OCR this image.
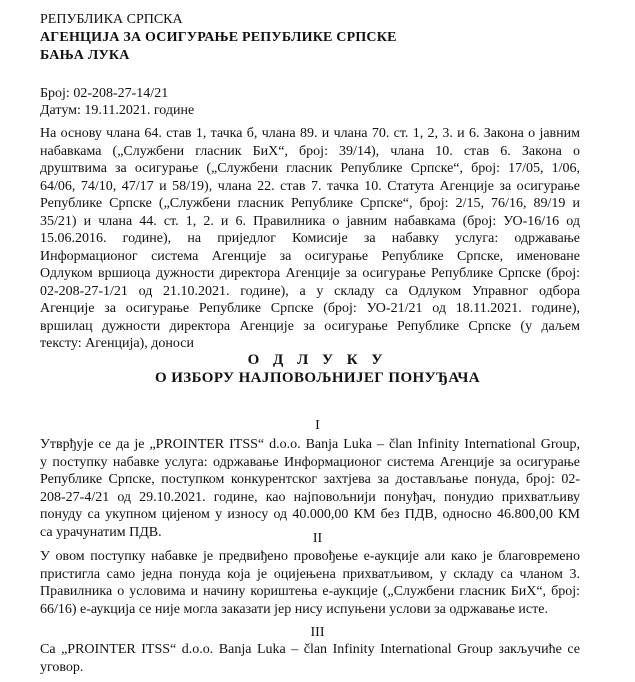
РЕПУБЛИКА СРПСКА
АГЕНЦИЈА ЗА ОСИГУРАЊЕ РЕПУБЛИКЕ СРПСКЕ
БАЊА ЛУКА
Број: 02-208-27-14/21
Датум: 19.11.2021. године
На основу члана 64. став 1, тачка б, члана 89. и члана 70. ст. 1, 2, 3. и 6. Закона о јавним
набавкама („Службени гласник БиХ“, број: 39/14), члана 10. став 6. Закона о
друштвима за осигурање („Службени гласник Републике Српске“, број: 17/05, 1/06,
64/06, 74/10, 47/17 и 58/19), члана 22. став 7. тачка 10. Статута Агенције за осигурање
Републике Српске („Службени гласник Републике Српске“, број: 2/15, 76/16, 89/19 и
35/21) и члана 44. ст. 1, 2. и 6. Правилника о јавним набавкама (број: УО-16/16 од
15.06.2016. године), на приједлог Комисије за набавку услуга: одржавање
Информационог система Агенције за осигурање Републике Српске, именоване
Одлуком вршиоца дужности директора Агенције за осигурање Републике Српске (број:
02-208-27-1/21 од 21.10.2021. године), а у складу са Одлуком Управног одбора
Агенције за осигурање Републике Српске (број: УО-21/21 од 18.11.2021. године),
вршилац дужности директора Агенције за осигурање Републике Српске (у даљем
тексту: Агенција), доноси
О Д Л У К У
О ИЗБОРУ НАЈПОВОЉНИЈЕГ ПОНУЂАЧА
I
Утврђује се да је „PROINTER ITSS“ d.o.o. Banja Luka – član Infinity International Group,
у поступку набавке услуга: одржавање Информационог система Агенције за осигурање
Републике Српске, поступком конкурентског захтјева за достављање понуда, број: 02-
208-27-4/21 од 29.10.2021. године, као најповољнији понуђач, понудио прихватљиву
понуду са укупном цијеном у износу од 40.000,00 КМ без ПДВ, односно 46.800,00 КМ
са урачунатим ПДВ.	II
У овом поступку набавке је предвиђено провођење е-аукције али како је благовремено
пристигла само једна понуда која је оцијењена прихватљивом, у складу са чланом 3.
Правилника о условима и начину кориштења е-аукције („Службени гласник БиХ“, број:
66/16) е-аукција се није могла заказати јер нису испуњени услови за одржавање исте.
III
Са „PROINTER ITSS“ d.o.o. Banja Luka – član Infinity International Group закључиће се
уговор.
